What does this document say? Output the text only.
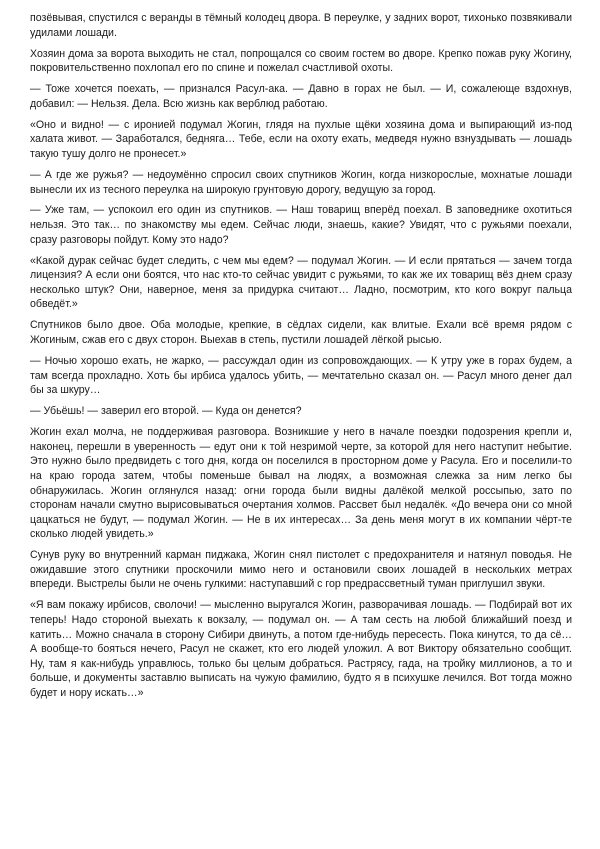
позёвывая, спустился с веранды в тёмный колодец двора. В переулке, у задних ворот, тихонько позвякивали удилами лошади.

Хозяин дома за ворота выходить не стал, попрощался со своим гостем во дворе. Крепко пожав руку Жогину, покровительственно похлопал его по спине и пожелал счастливой охоты.

— Тоже хочется поехать, — признался Расул-ака. — Давно в горах не был. — И, сожалеюще вздохнув, добавил: — Нельзя. Дела. Всю жизнь как верблюд работаю.

«Оно и видно! — с иронией подумал Жогин, глядя на пухлые щёки хозяина дома и выпирающий из-под халата живот. — Заработался, бедняга… Тебе, если на охоту ехать, медведя нужно взнуздывать — лошадь такую тушу долго не пронесет.»

— А где же ружья? — недоумённо спросил своих спутников Жогин, когда низкорослые, мохнатые лошади вынесли их из тесного переулка на широкую грунтовую дорогу, ведущую за город.

— Уже там, — успокоил его один из спутников. — Наш товарищ вперёд поехал. В заповеднике охотиться нельзя. Это так… по знакомству мы едем. Сейчас люди, знаешь, какие? Увидят, что с ружьями поехали, сразу разговоры пойдут. Кому это надо?

«Какой дурак сейчас будет следить, с чем мы едем? — подумал Жогин. — И если прятаться — зачем тогда лицензия? А если они боятся, что нас кто-то сейчас увидит с ружьями, то как же их товарищ вёз днем сразу несколько штук? Они, наверное, меня за придурка считают… Ладно, посмотрим, кто кого вокруг пальца обведёт.»

Спутников было двое. Оба молодые, крепкие, в сёдлах сидели, как влитые. Ехали всё время рядом с Жогиным, сжав его с двух сторон. Выехав в степь, пустили лошадей лёгкой рысью.

— Ночью хорошо ехать, не жарко, — рассуждал один из сопровождающих. — К утру уже в горах будем, а там всегда прохладно. Хоть бы ирбиса удалось убить, — мечтательно сказал он. — Расул много денег дал бы за шкуру…

— Убьёшь! — заверил его второй. — Куда он денется?

Жогин ехал молча, не поддерживая разговора. Возникшие у него в начале поездки подозрения крепли и, наконец, перешли в уверенность — едут они к той незримой черте, за которой для него наступит небытие. Это нужно было предвидеть с того дня, когда он поселился в просторном доме у Расула. Его и поселили-то на краю города затем, чтобы поменьше бывал на людях, а возможная слежка за ним легко бы обнаружилась. Жогин оглянулся назад: огни города были видны далёкой мелкой россыпью, зато по сторонам начали смутно вырисовываться очертания холмов. Рассвет был недалёк. «До вечера они со мной цацкаться не будут, — подумал Жогин. — Не в их интересах… За день меня могут в их компании чёрт-те сколько людей увидеть.»

Сунув руку во внутренний карман пиджака, Жогин снял пистолет с предохранителя и натянул поводья. Не ожидавшие этого спутники проскочили мимо него и остановили своих лошадей в нескольких метрах впереди. Выстрелы были не очень гулкими: наступавший с гор предрассветный туман приглушил звуки.

«Я вам покажу ирбисов, сволочи! — мысленно выругался Жогин, разворачивая лошадь. — Подбирай вот их теперь! Надо стороной выехать к вокзалу, — подумал он. — А там сесть на любой ближайший поезд и катить… Можно сначала в сторону Сибири двинуть, а потом где-нибудь пересесть. Пока кинутся, то да сё… А вообще-то бояться нечего, Расул не скажет, кто его людей уложил. А вот Виктору обязательно сообщит. Ну, там я как-нибудь управлюсь, только бы целым добраться. Растрясу, гада, на тройку миллионов, а то и больше, и документы заставлю выписать на чужую фамилию, будто я в психушке лечился. Вот тогда можно будет и нору искать…»
